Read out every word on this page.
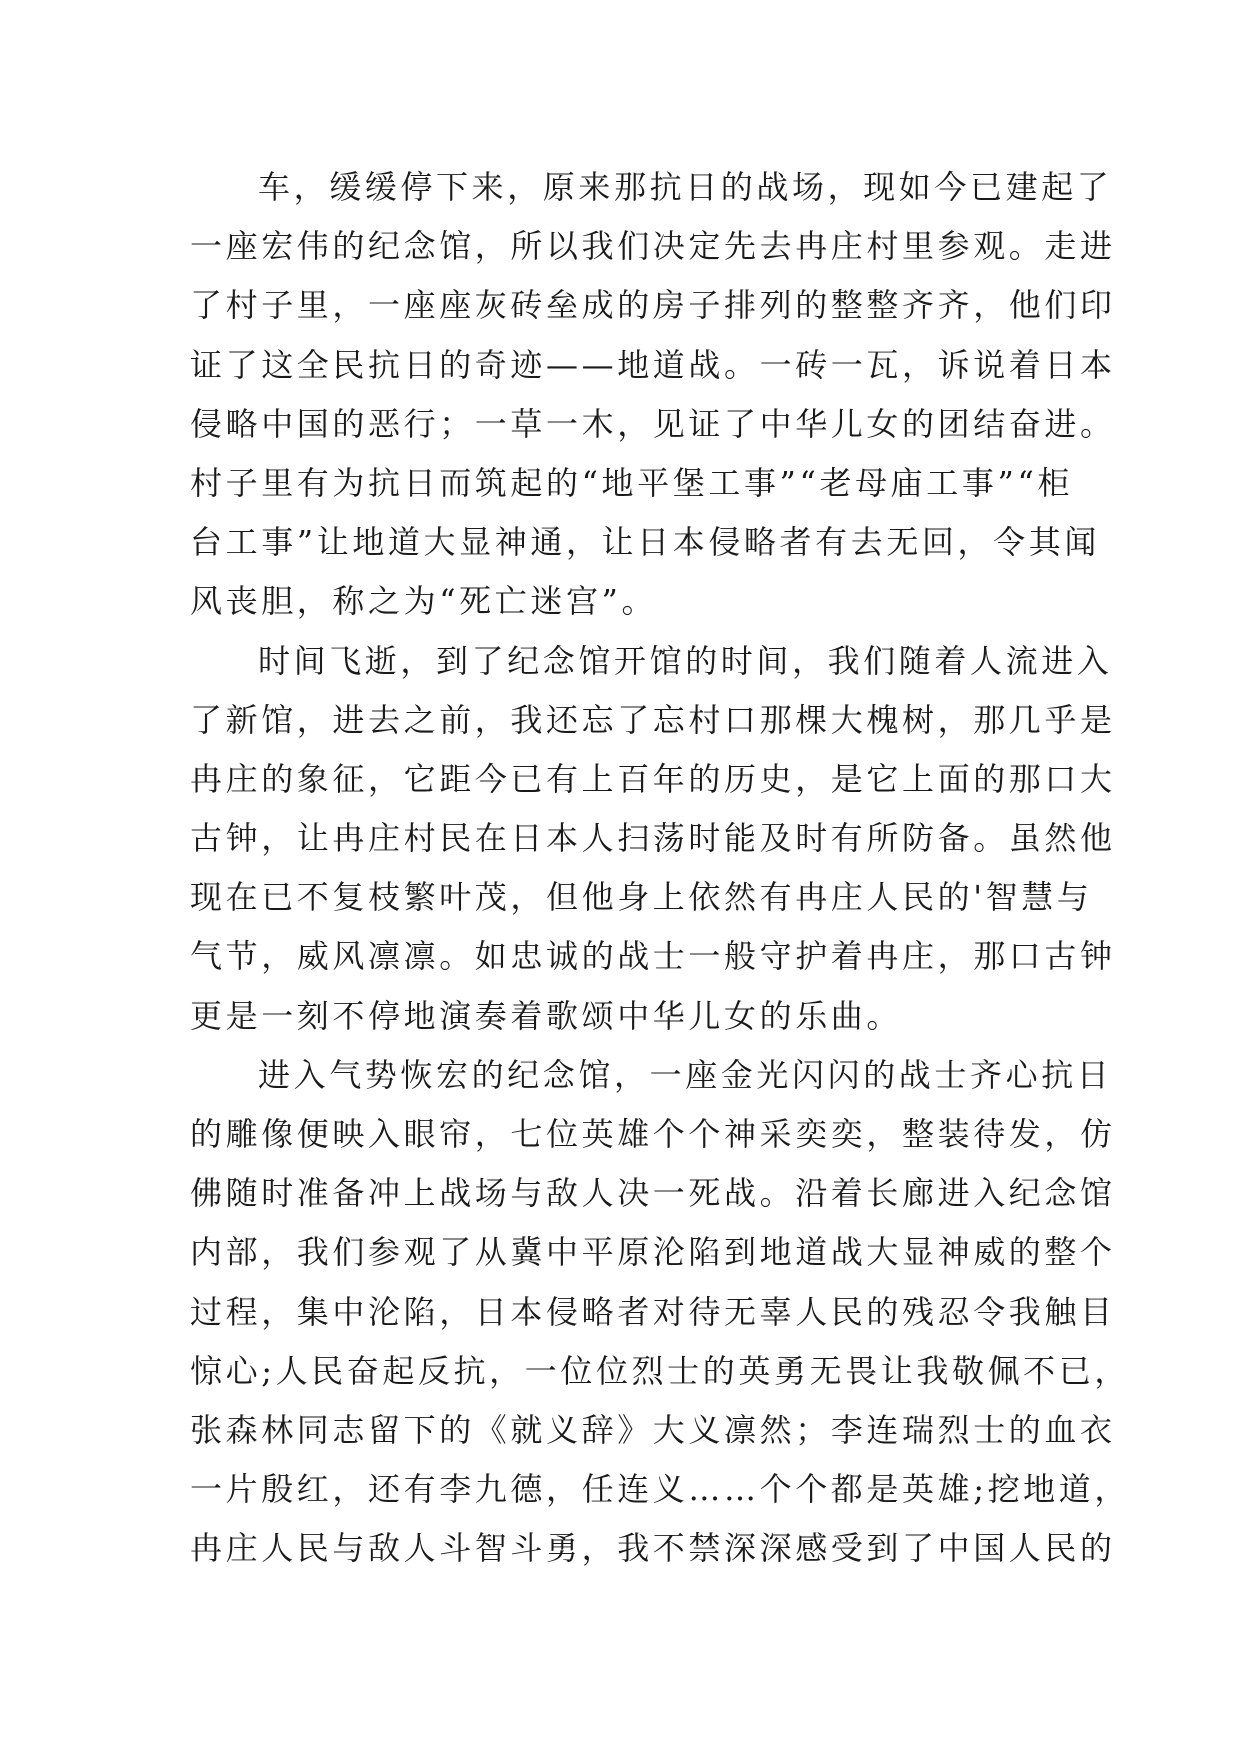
车，缓缓停下来，原来那抗日的战场，现如今已建起了
一座宏伟的纪念馆，所以我们决定先去冉庄村里参观。走进
了村子里，一座座灰砖垒成的房子排列的整整齐齐，他们印
证了这全民抗日的奇迹——地道战。一砖一瓦，诉说着日本
侵略中国的恶行；一草一木，见证了中华儿女的团结奋进。
村子里有为抗日而筑起的“地平堡工事”“老母庙工事”“柜
台工事”让地道大显神通，让日本侵略者有去无回，令其闻
风丧胆，称之为“死亡迷宫”。
时间飞逝，到了纪念馆开馆的时间，我们随着人流进入
了新馆，进去之前，我还忘了忘村口那棵大槐树，那几乎是
冉庄的象征，它距今已有上百年的历史，是它上面的那口大
古钟，让冉庄村民在日本人扫荡时能及时有所防备。虽然他
现在已不复枝繁叶茂，但他身上依然有冉庄人民的'智慧与
气节，威风凛凛。如忠诚的战士一般守护着冉庄，那口古钟
更是一刻不停地演奏着歌颂中华儿女的乐曲。
进入气势恢宏的纪念馆，一座金光闪闪的战士齐心抗日
的雕像便映入眼帘，七位英雄个个神采奕奕，整装待发，仿
佛随时准备冲上战场与敌人决一死战。沿着长廊进入纪念馆
内部，我们参观了从冀中平原沦陷到地道战大显神威的整个
过程，集中沦陷，日本侵略者对待无辜人民的残忍令我触目
惊心;人民奋起反抗，一位位烈士的英勇无畏让我敬佩不已，
张森林同志留下的《就义辞》大义凛然；李连瑞烈士的血衣
一片殷红，还有李九德，任连义……个个都是英雄;挖地道，
冉庄人民与敌人斗智斗勇，我不禁深深感受到了中国人民的
